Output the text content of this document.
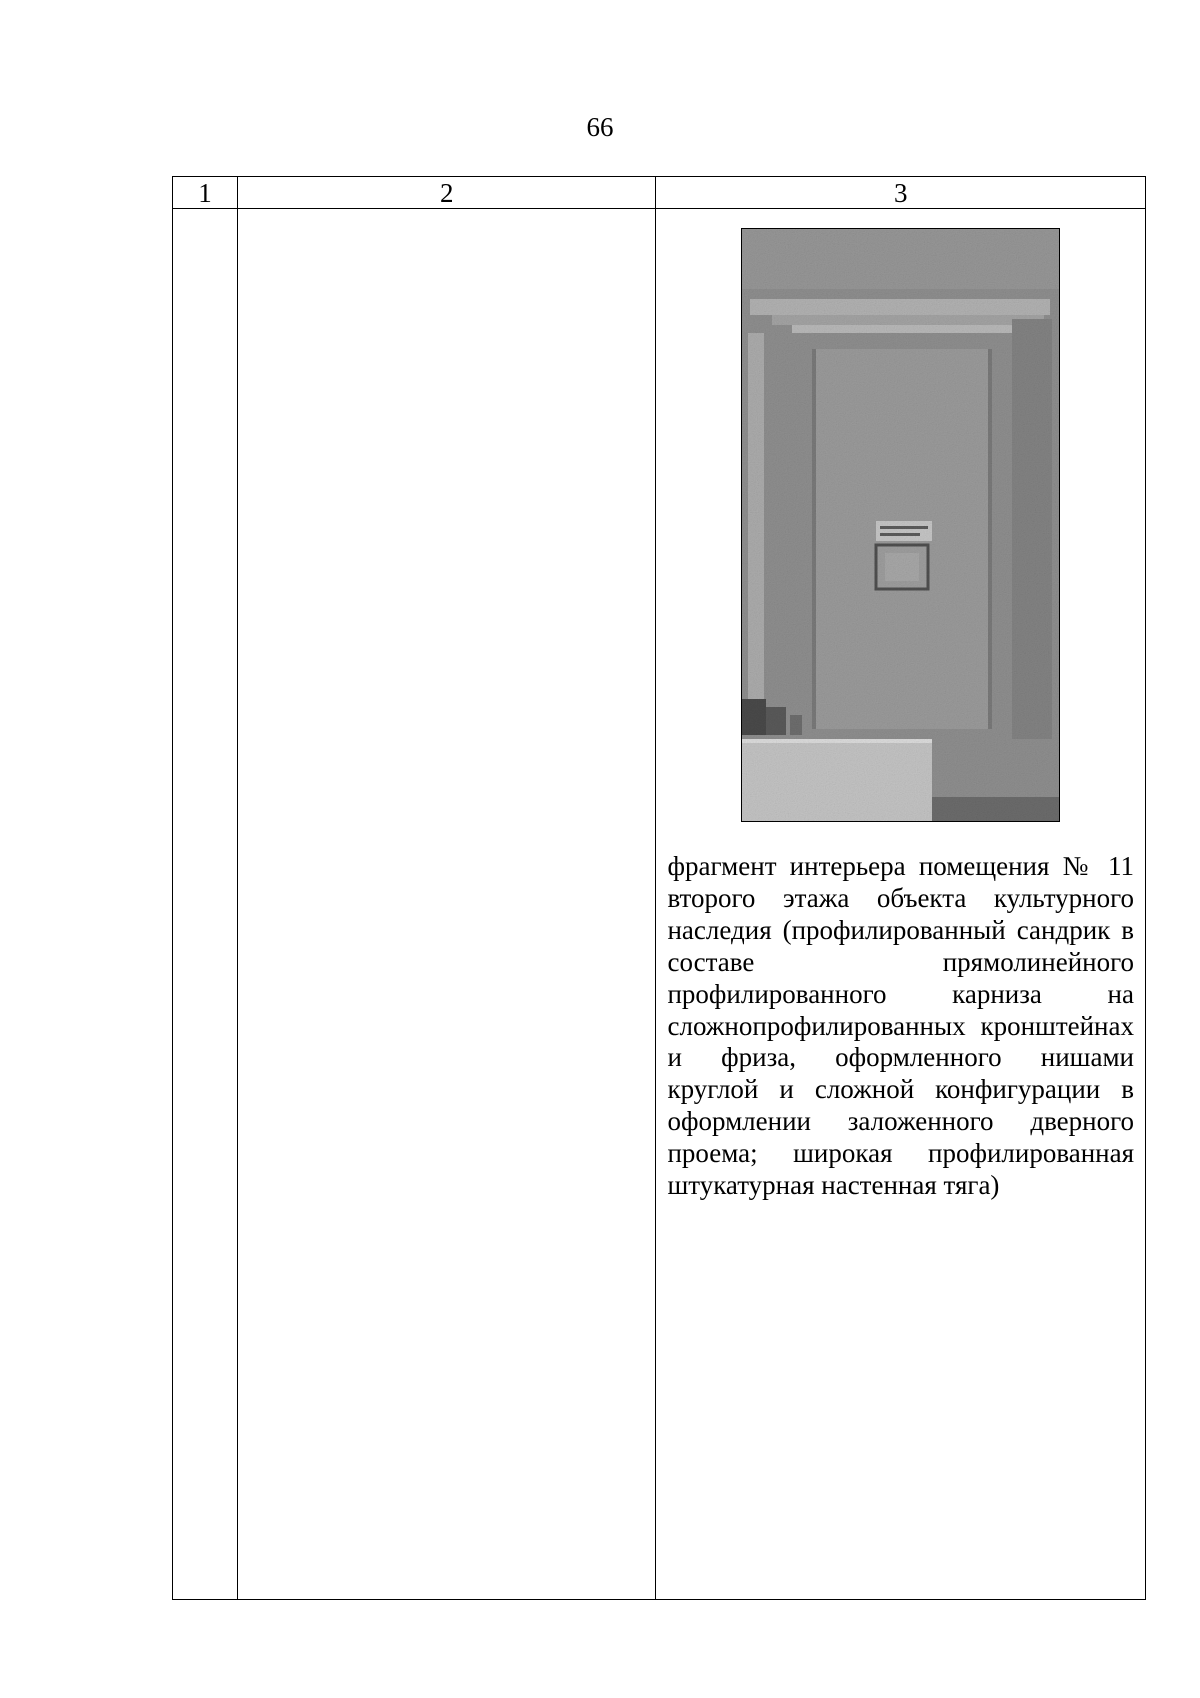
66
1	2	3

		фрагмент интерьера помещения № 11 второго этажа объекта культурного наследия (профилированный сандрик в составе прямолинейного профилированного карниза на сложнопрофилированных кронштейнах и фриза, оформленного нишами круглой и сложной конфигурации в оформлении заложенного дверного проема; широкая профилированная штукатурная настенная тяга)
